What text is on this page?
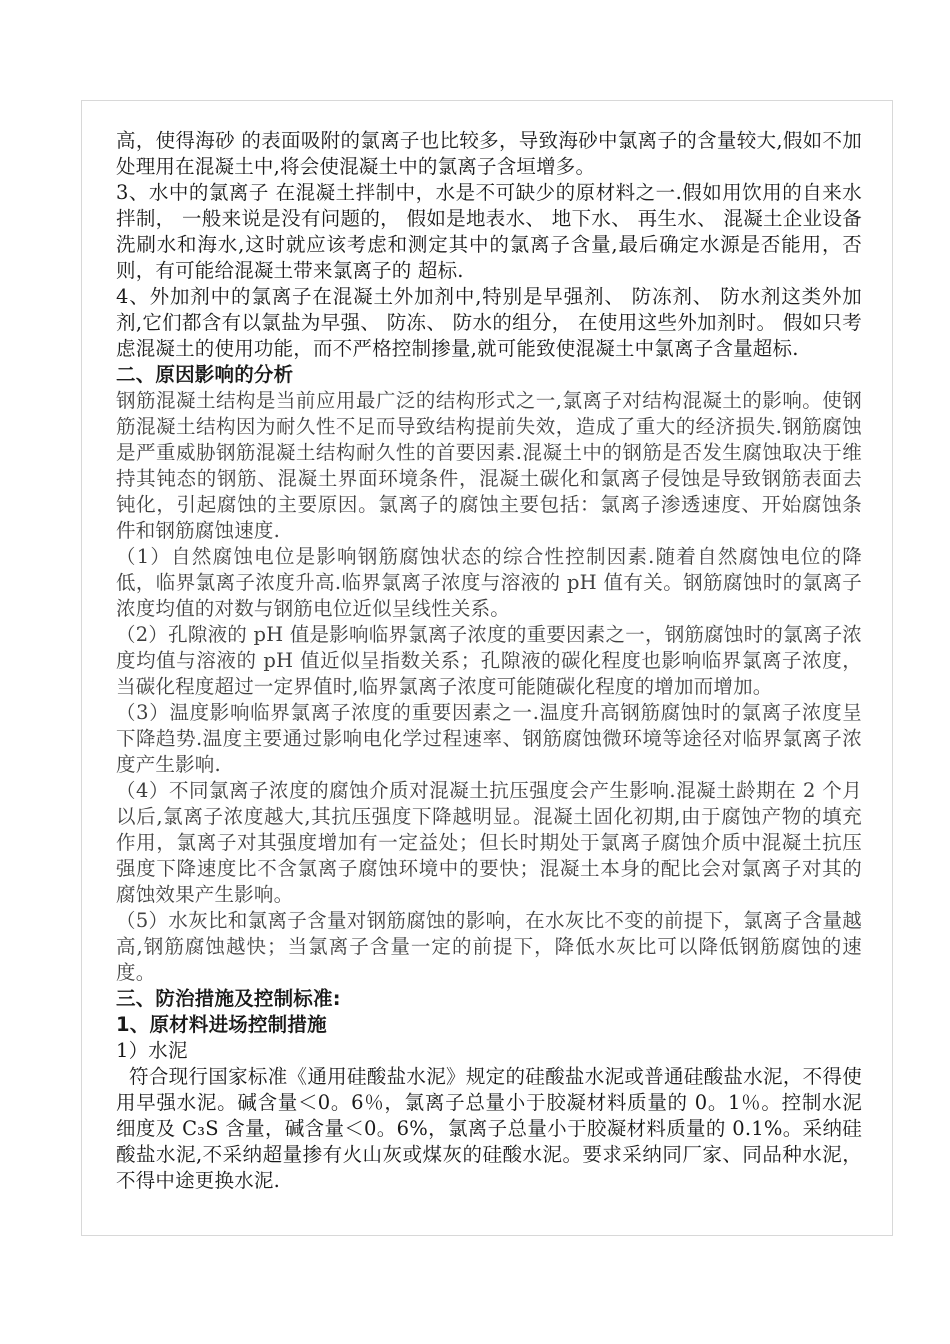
高，使得海砂 的表面吸附的氯离子也比较多，导致海砂中氯离子的含量较大,假如不加处理用在混凝土中,将会使混凝土中的氯离子含垣增多。

3、水中的氯离子 在混凝土拌制中，水是不可缺少的原材料之一.假如用饮用的自来水拌制， 一般来说是没有问题的， 假如是地表水、 地下水、 再生水、 混凝土企业设备洗刷水和海水,这时就应该考虑和测定其中的氯离子含量,最后确定水源是否能用，否则，有可能给混凝土带来氯离子的 超标.

4、外加剂中的氯离子在混凝土外加剂中,特别是早强剂、 防冻剂、 防水剂这类外加剂,它们都含有以氯盐为早强、 防冻、 防水的组分， 在使用这些外加剂时。 假如只考虑混凝土的使用功能，而不严格控制掺量,就可能致使混凝土中氯离子含量超标.

二、原因影响的分析

钢筋混凝土结构是当前应用最广泛的结构形式之一,氯离子对结构混凝土的影响。使钢筋混凝土结构因为耐久性不足而导致结构提前失效，造成了重大的经济损失.钢筋腐蚀是严重威胁钢筋混凝土结构耐久性的首要因素.混凝土中的钢筋是否发生腐蚀取决于维持其钝态的钢筋、混凝土界面环境条件，混凝土碳化和氯离子侵蚀是导致钢筋表面去钝化，引起腐蚀的主要原因。氯离子的腐蚀主要包括：氯离子渗透速度、开始腐蚀条件和钢筋腐蚀速度.

（1）自然腐蚀电位是影响钢筋腐蚀状态的综合性控制因素.随着自然腐蚀电位的降低，临界氯离子浓度升高.临界氯离子浓度与溶液的 pH 值有关。钢筋腐蚀时的氯离子浓度均值的对数与钢筋电位近似呈线性关系。

（2）孔隙液的 pH 值是影响临界氯离子浓度的重要因素之一，钢筋腐蚀时的氯离子浓度均值与溶液的 pH 值近似呈指数关系；孔隙液的碳化程度也影响临界氯离子浓度，当碳化程度超过一定界值时,临界氯离子浓度可能随碳化程度的增加而增加。

（3）温度影响临界氯离子浓度的重要因素之一.温度升高钢筋腐蚀时的氯离子浓度呈下降趋势.温度主要通过影响电化学过程速率、钢筋腐蚀微环境等途径对临界氯离子浓度产生影响.

（4）不同氯离子浓度的腐蚀介质对混凝土抗压强度会产生影响.混凝土龄期在 2 个月以后,氯离子浓度越大,其抗压强度下降越明显。混凝土固化初期,由于腐蚀产物的填充作用，氯离子对其强度增加有一定益处；但长时期处于氯离子腐蚀介质中混凝土抗压强度下降速度比不含氯离子腐蚀环境中的要快；混凝土本身的配比会对氯离子对其的腐蚀效果产生影响。

（5）水灰比和氯离子含量对钢筋腐蚀的影响，在水灰比不变的前提下，氯离子含量越高,钢筋腐蚀越快；当氯离子含量一定的前提下，降低水灰比可以降低钢筋腐蚀的速度。

三、防治措施及控制标准:

1、原材料进场控制措施

1）水泥

符合现行国家标准《通用硅酸盐水泥》规定的硅酸盐水泥或普通硅酸盐水泥，不得使用早强水泥。碱含量＜0。6％，氯离子总量小于胶凝材料质量的 0。1％。控制水泥细度及 C₃S 含量，碱含量＜0。6%，氯离子总量小于胶凝材料质量的 0.1%。采纳硅酸盐水泥,不采纳超量掺有火山灰或煤灰的硅酸水泥。要求采纳同厂家、同品种水泥，不得中途更换水泥.
